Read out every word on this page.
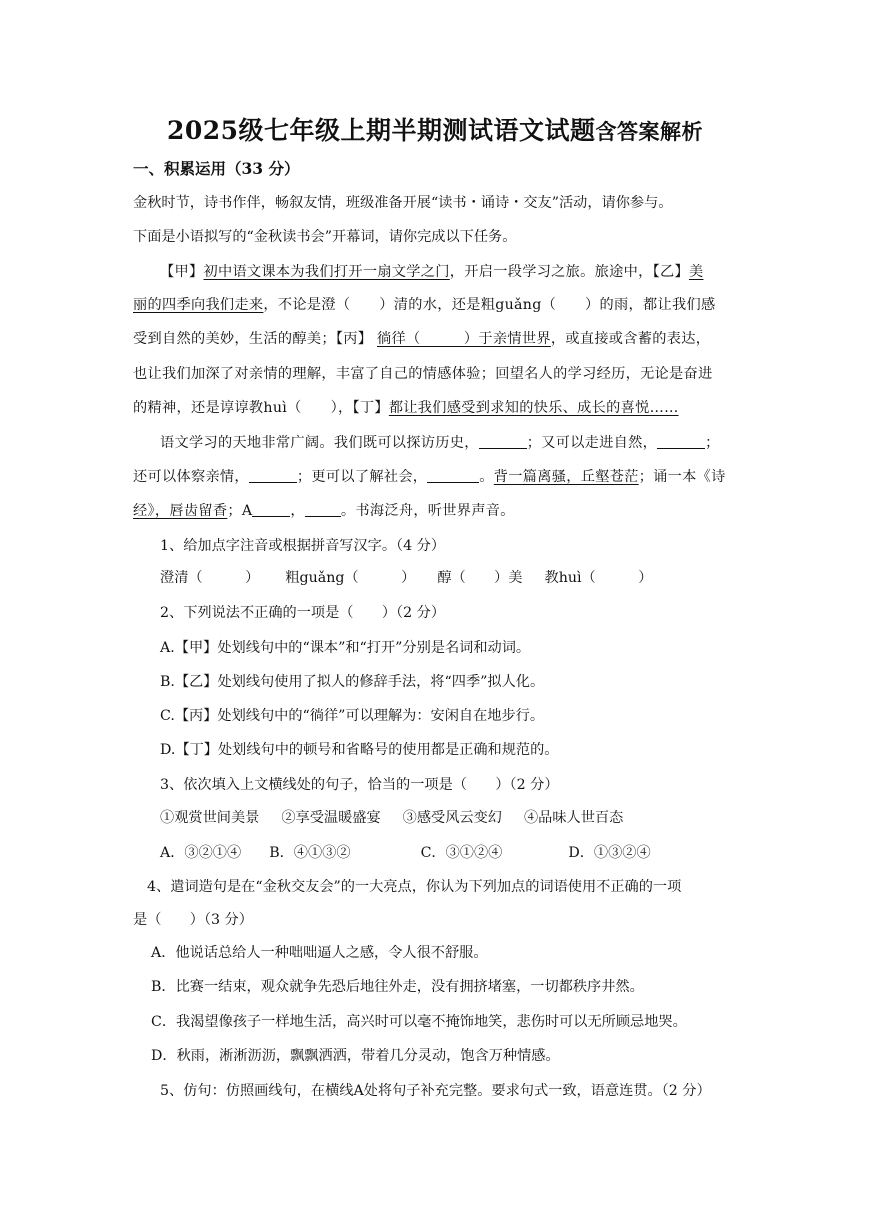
2025级七年级上期半期测试语文试题含答案解析
一、积累运用（33 分）
金秋时节，诗书作伴，畅叙友情，班级准备开展“读书・诵诗・交友”活动，请你参与。
下面是小语拟写的“金秋读书会”开幕词，请你完成以下任务。
【甲】初中语文课本为我们打开一扇文学之门，开启一段学习之旅。旅途中，【乙】美
丽的四季向我们走来，不论是澄（　　）清的水，还是粗guǎng（　　）的雨，都让我们感
受到自然的美妙，生活的醇美；【丙】 徜徉（　　　）于亲情世界，或直接或含蓄的表达，
也让我们加深了对亲情的理解，丰富了自己的情感体验；回望名人的学习经历，无论是奋进
的精神，还是谆谆教huì（　　），【丁】都让我们感受到求知的快乐、成长的喜悦……
语文学习的天地非常广阔。我们既可以探访历史，	；又可以走进自然，	；
还可以体察亲情，	；更可以了解社会，	。背一篇离骚，丘壑苍茫；诵一本《诗
经》，唇齿留香；A	，	。书海泛舟，听世界声音。
1、给加点字注音或根据拼音写汉字。（4 分）
澄清（　　　） 粗guǎng（　　　） 醇（　　）美 教huì（　　　）
2、下列说法不正确的一项是（　　）（2 分）
A.【甲】处划线句中的“课本”和“打开”分别是名词和动词。
B.【乙】处划线句使用了拟人的修辞手法，将“四季”拟人化。
C.【丙】处划线句中的“徜徉”可以理解为：安闲自在地步行。
D.【丁】处划线句中的顿号和省略号的使用都是正确和规范的。
3、依次填入上文横线处的句子，恰当的一项是（　　）（2 分）
①观赏世间美景 ②享受温暖盛宴 ③感受风云变幻 ④品味人世百态
A．③②①④ B．④①③②	C．③①②④	D．①③②④
4、遣词造句是在“金秋交友会”的一大亮点，你认为下列加点的词语使用不正确的一项
是（　　）（3 分）
A．他说话总给人一种咄咄逼人之感，令人很不舒服。
B．比赛一结束，观众就争先恐后地往外走，没有拥挤堵塞，一切都秩序井然。
C．我渴望像孩子一样地生活，高兴时可以毫不掩饰地笑，悲伤时可以无所顾忌地哭。
D．秋雨，淅淅沥沥，飘飘洒洒，带着几分灵动，饱含万种情感。
5、仿句：仿照画线句，在横线A处将句子补充完整。要求句式一致，语意连贯。（2 分）
